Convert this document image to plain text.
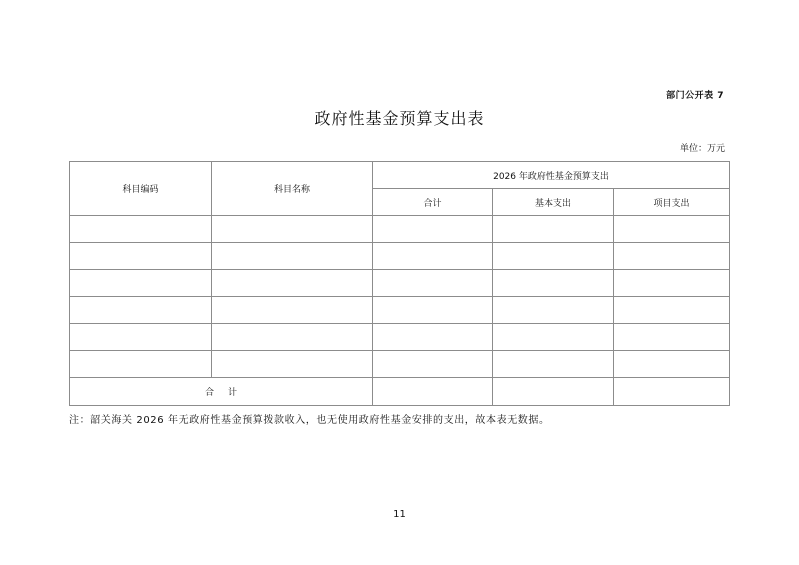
部门公开表 7
政府性基金预算支出表
单位：万元
科目编码	科目名称	2026 年政府性基金预算支出		
		合计	基本支出	项目支出

合计				
注：韶关海关 2026 年无政府性基金预算拨款收入，也无使用政府性基金安排的支出，故本表无数据。
11
